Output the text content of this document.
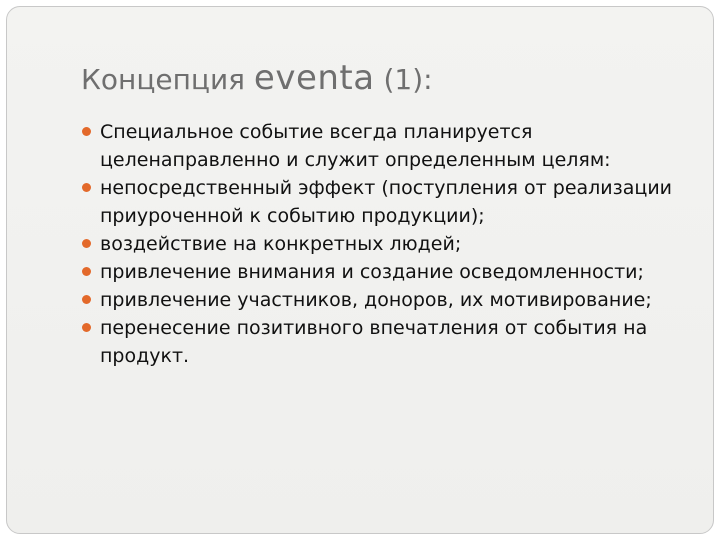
Концепция eventa (1):
Специальное событие всегда планируется целенаправленно и служит определенным целям:
непосредственный эффект (поступления от реализации приуроченной к событию продукции);
воздействие на конкретных людей;
привлечение внимания и создание осведомленности;
привлечение участников, доноров, их мотивирование;
перенесение позитивного впечатления от события на продукт.
